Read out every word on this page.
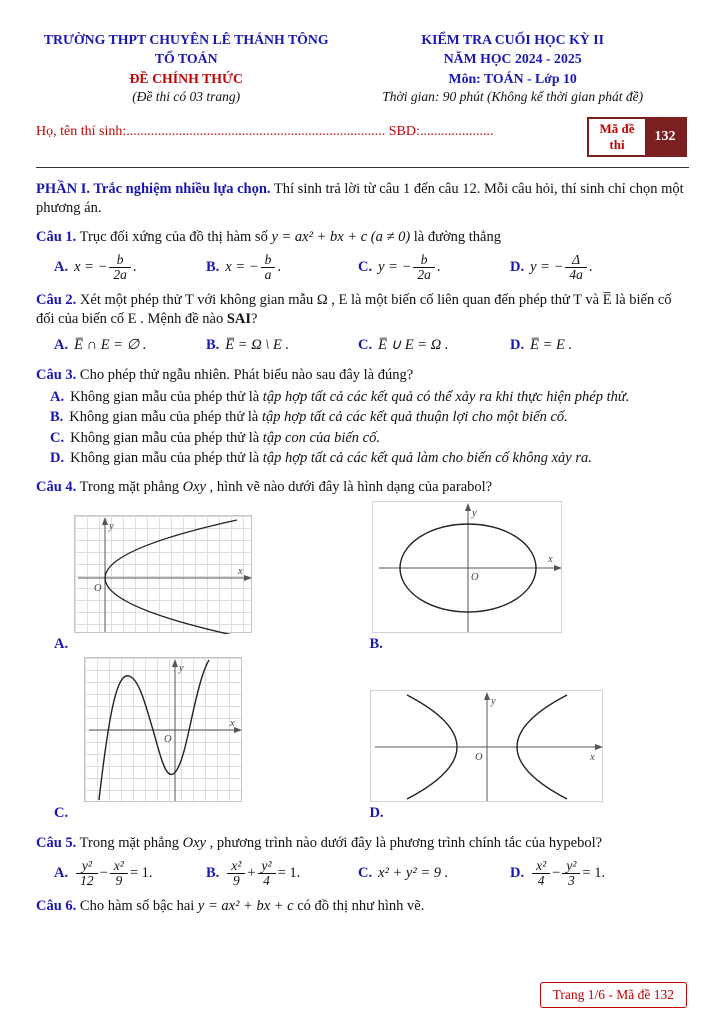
TRƯỜNG THPT CHUYÊN LÊ THÁNH TÔNG
TỔ TOÁN
ĐỀ CHÍNH THỨC
(Đề thi có 03 trang)
KIỂM TRA CUỐI HỌC KỲ II
NĂM HỌC 2024 - 2025
Môn: TOÁN - Lớp 10
Thời gian: 90 phút (Không kể thời gian phát đề)
Họ, tên thí sinh:.......................................................................... SBD:.....................	Mã đề thi
132

PHẦN I. Trắc nghiệm nhiều lựa chọn. Thí sinh trả lời từ câu 1 đến câu 12. Mỗi câu hỏi, thí sinh chỉ chọn một phương án.

Câu 1. Trục đối xứng của đồ thị hàm số y = ax² + bx + c (a ≠ 0) là đường thẳng

A. x = − $\frac{b}{2a}$ .	B. x = − $\frac{b}{a}$ .	C. y = − $\frac{b}{2a}$ .	D. y = − $\frac{\Delta}{4a}$ .

Câu 2. Xét một phép thử T với không gian mẫu Ω , E là một biến cố liên quan đến phép thử T và E̅ là biến cố đối của biến cố E . Mệnh đề nào SAI?

A. E̅ ∩ E = ∅ .	B. E̅ = Ω \ E .	C. E̅ ∪ E = Ω .	D. E̅ = E .

Câu 3. Cho phép thử ngẫu nhiên. Phát biểu nào sau đây là đúng?

A. Không gian mẫu của phép thử là tập hợp tất cả các kết quả có thể xảy ra khi thực hiện phép thử.
B. Không gian mẫu của phép thử là tập hợp tất cả các kết quả thuận lợi cho một biến cố.
C. Không gian mẫu của phép thử là tập con của biến cố.
D. Không gian mẫu của phép thử là tập hợp tất cả các kết quả làm cho biến cố không xảy ra.

Câu 4. Trong mặt phẳng Oxy , hình vẽ nào dưới đây là hình dạng của parabol?

y
x
O
A.
y
x
O
B.
y
x
O
C.
y
x
O
D.

Câu 5. Trong mặt phẳng Oxy , phương trình nào dưới đây là phương trình chính tắc của hypebol?

A. $\frac{\text{y²}}{12} - \frac{\text{x²}}{9} = 1$.	B. $\frac{\text{x²}}{9} + \frac{\text{y²}}{4} = 1$.	C. x² + y² = 9 .	D. $\frac{\text{x²}}{4} - \frac{\text{y²}}{3} = 1$.

Câu 6. Cho hàm số bậc hai y = ax² + bx + c có đồ thị như hình vẽ.

Trang 1/6 - Mã đề 132
